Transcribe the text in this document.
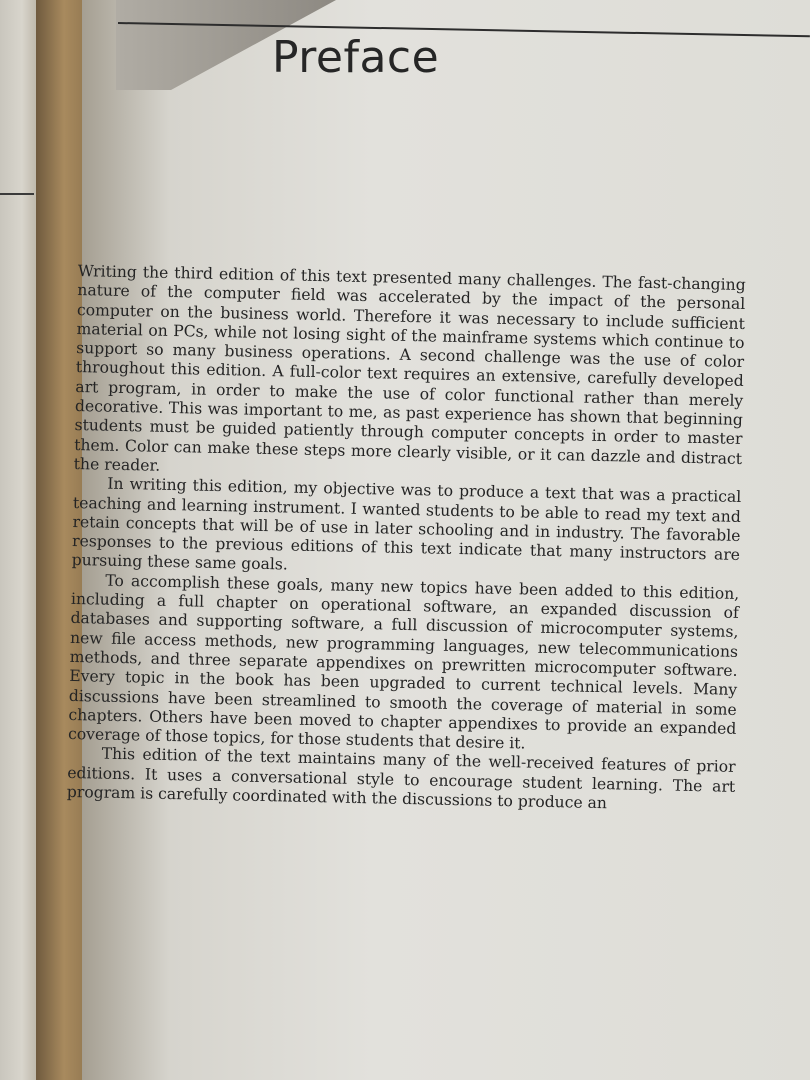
Preface

Writing the third edition of this text presented many challenges. The fast-changing nature of the computer field was accelerated by the impact of the personal computer on the business world. Therefore it was necessary to include sufficient material on PCs, while not losing sight of the mainframe systems which continue to support so many business operations. A second challenge was the use of color throughout this edition. A full-color text requires an extensive, carefully developed art program, in order to make the use of color functional rather than merely decorative. This was important to me, as past experience has shown that beginning students must be guided patiently through computer concepts in order to master them. Color can make these steps more clearly visible, or it can dazzle and distract the reader.

In writing this edition, my objective was to produce a text that was a practical teaching and learning instrument. I wanted students to be able to read my text and retain concepts that will be of use in later schooling and in industry. The favorable responses to the previous editions of this text indicate that many instructors are pursuing these same goals.

To accomplish these goals, many new topics have been added to this edition, including a full chapter on operational software, an expanded discussion of databases and supporting software, a full discussion of microcomputer systems, new file access methods, new programming languages, new telecommunications methods, and three separate appendixes on prewritten microcomputer software. Every topic in the book has been upgraded to current technical levels. Many discussions have been streamlined to smooth the coverage of material in some chapters. Others have been moved to chapter appendixes to provide an expanded coverage of those topics, for those students that desire it.

This edition of the text maintains many of the well-received features of prior editions. It uses a conversational style to encourage student learning. The art program is carefully coordinated with the discussions to produce an
